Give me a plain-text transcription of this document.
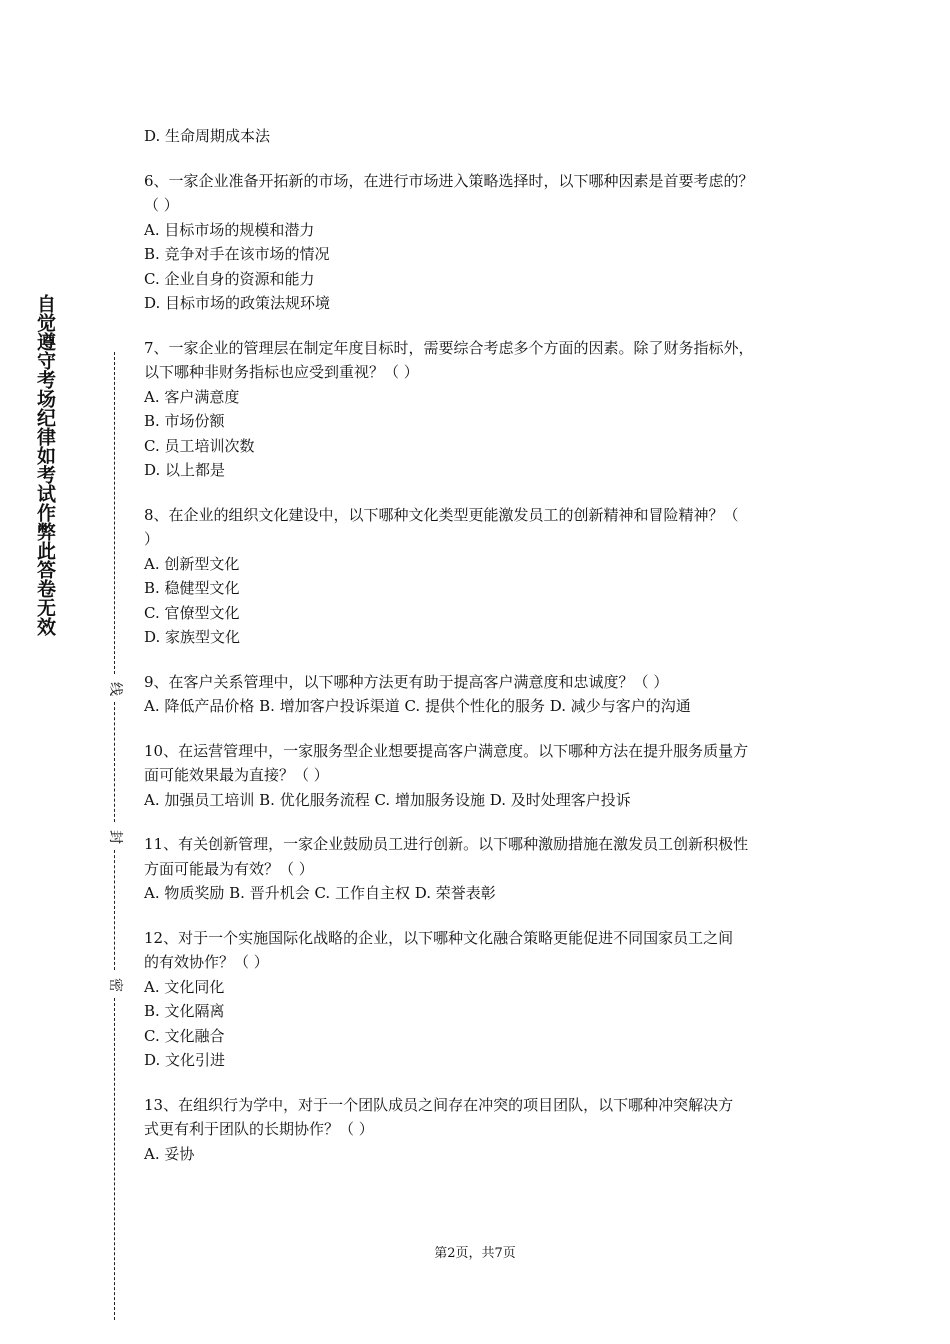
自觉遵守考场纪律如考试作弊此答卷无效
线
封
密

D. 生命周期成本法

6、一家企业准备开拓新的市场，在进行市场进入策略选择时，以下哪种因素是首要考虑的？

（ ）

A. 目标市场的规模和潜力

B. 竞争对手在该市场的情况

C. 企业自身的资源和能力

D. 目标市场的政策法规环境

7、一家企业的管理层在制定年度目标时，需要综合考虑多个方面的因素。除了财务指标外，

以下哪种非财务指标也应受到重视？（ ）

A. 客户满意度

B. 市场份额

C. 员工培训次数

D. 以上都是

8、在企业的组织文化建设中，以下哪种文化类型更能激发员工的创新精神和冒险精神？（

）

A. 创新型文化

B. 稳健型文化

C. 官僚型文化

D. 家族型文化

9、在客户关系管理中，以下哪种方法更有助于提高客户满意度和忠诚度？（ ）

A. 降低产品价格 B. 增加客户投诉渠道 C. 提供个性化的服务 D. 减少与客户的沟通

10、在运营管理中，一家服务型企业想要提高客户满意度。以下哪种方法在提升服务质量方

面可能效果最为直接？（ ）

A. 加强员工培训 B. 优化服务流程 C. 增加服务设施 D. 及时处理客户投诉

11、有关创新管理，一家企业鼓励员工进行创新。以下哪种激励措施在激发员工创新积极性

方面可能最为有效？（ ）

A. 物质奖励 B. 晋升机会 C. 工作自主权 D. 荣誉表彰

12、对于一个实施国际化战略的企业，以下哪种文化融合策略更能促进不同国家员工之间

的有效协作？（ ）

A. 文化同化

B. 文化隔离

C. 文化融合

D. 文化引进

13、在组织行为学中，对于一个团队成员之间存在冲突的项目团队，以下哪种冲突解决方

式更有利于团队的长期协作？（ ）

A. 妥协

第2页，共7页
